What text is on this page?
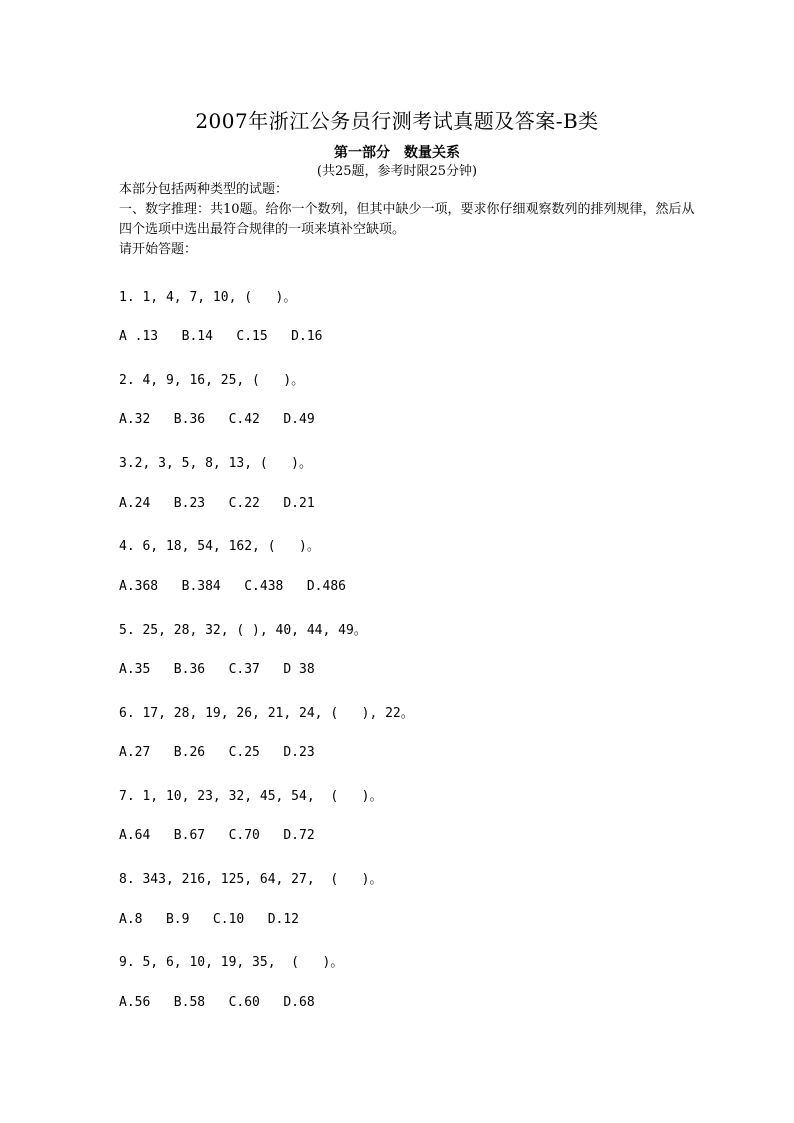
2007年浙江公务员行测考试真题及答案-B类
第一部分　数量关系
(共25题，参考时限25分钟)
本部分包括两种类型的试题：
一、数字推理：共10题。给你一个数列，但其中缺少一项，要求你仔细观察数列的排列规律，然后从四个选项中选出最符合规律的一项来填补空缺项。
请开始答题：
1. 1, 4, 7, 10, (   )。
A .13   B.14   C.15   D.16
2. 4, 9, 16, 25, (   )。
A.32   B.36   C.42   D.49
3.2, 3, 5, 8, 13, (   )。
A.24   B.23   C.22   D.21
4. 6, 18, 54, 162, (   )。
A.368   B.384   C.438   D.486
5. 25, 28, 32, ( ), 40, 44, 49。
A.35   B.36   C.37   D 38
6. 17, 28, 19, 26, 21, 24, (   ), 22。
A.27   B.26   C.25   D.23
7. 1, 10, 23, 32, 45, 54,  (   )。
A.64   B.67   C.70   D.72
8. 343, 216, 125, 64, 27,  (   )。
A.8   B.9   C.10   D.12
9. 5, 6, 10, 19, 35,  (   )。
A.56   B.58   C.60   D.68
